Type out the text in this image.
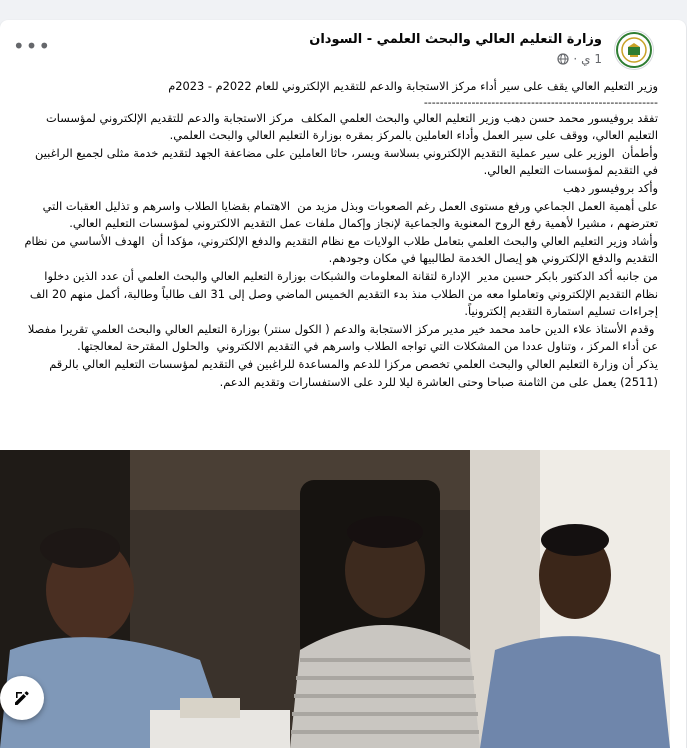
وزارة التعليم العالي والبحث العلمي - السودان
1 ي
·
•••

وزير التعليم العالي يقف على سير أداء مركز الاستجابة والدعم للتقديم الإلكتروني للعام 2022م - 2023م

-----------------------------------------------------------

تفقد بروفيسور محمد حسن دهب وزير التعليم العالي والبحث العلمي المكلف  مركز الاستجابة والدعم للتقديم الإلكتروني لمؤسسات التعليم العالي، ووقف على سير العمل وأداء العاملين بالمركز بمقره بوزارة التعليم العالي والبحث العلمي.

وأطمأن  الوزير على سير عملية التقديم الإلكتروني بسلاسة ويسر، حاثا العاملين على مضاعفة الجهد لتقديم خدمة مثلى لجميع الراغبين في التقديم لمؤسسات التعليم العالي.

وأكد بروفيسور دهب

على أهمية العمل الجماعي ورفع مستوى العمل رغم الصعوبات وبذل مزيد من  الاهتمام بقضايا الطلاب واسرهم و تذليل العقبات التي تعترضهم ، مشيرا لأهمية رفع الروح المعنوية والجماعية لإنجاز وإكمال ملفات عمل التقديم الالكتروني لمؤسسات التعليم العالي.

وأشاد وزير التعليم العالي والبحث العلمي بتعامل طلاب الولايات مع نظام التقديم والدفع الإلكتروني، مؤكدا أن  الهدف الأساسي من نظام التقديم والدفع الإلكتروني هو إيصال الخدمة لطالبيها في مكان وجودهم.

من جانبه أكد الدكتور بابكر حسين مدير  الإدارة لتقانة المعلومات والشبكات بوزارة التعليم العالي والبحث العلمي أن عدد الذين دخلوا نظام التقديم الإلكتروني وتعاملوا معه من الطلاب منذ بدء التقديم الخميس الماضي وصل إلى 31 الف طالباً وطالبة، أكمل منهم 20 الف إجراءات تسليم استمارة التقديم إلكترونياً.

وقدم الأستاذ علاء الدين حامد محمد خير مدير مركز الاستجابة والدعم ( الكول سنتر) بوزارة التعليم العالي والبحث العلمي تقريرا مفصلا عن أداء المركز ، وتناول عددا من المشكلات التي تواجه الطلاب واسرهم في التقديم الالكتروني  والحلول المقترحة لمعالجتها.

يذكر أن وزارة التعليم العالي والبحث العلمي تخصص مركزا للدعم والمساعدة للراغبين في التقديم لمؤسسات التعليم العالي بالرقم (2511) يعمل على من الثامنة صباحا وحتى العاشرة ليلا للرد على الاستفسارات وتقديم الدعم.
